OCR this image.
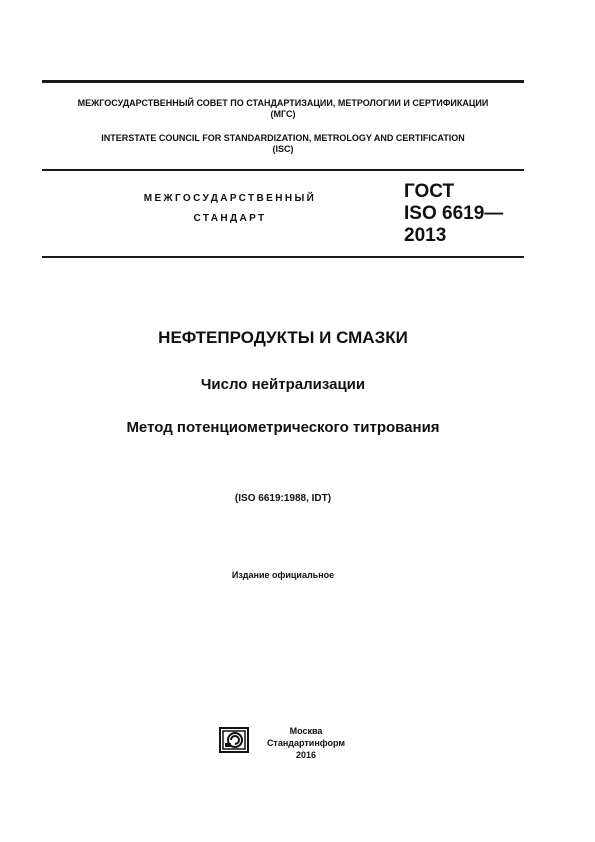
МЕЖГОСУДАРСТВЕННЫЙ СОВЕТ ПО СТАНДАРТИЗАЦИИ, МЕТРОЛОГИИ И СЕРТИФИКАЦИИ
(МГС)
INTERSTATE COUNCIL FOR STANDARDIZATION, METROLOGY AND CERTIFICATION
(ISC)
МЕЖГОСУДАРСТВЕННЫЙ
СТАНДАРТ
ГОСТ
ISO 6619—
2013
НЕФТЕПРОДУКТЫ И СМАЗКИ
Число нейтрализации
Метод потенциометрического титрования
(ISO 6619:1988, IDT)
Издание официальное
Москва
Стандартинформ
2016
